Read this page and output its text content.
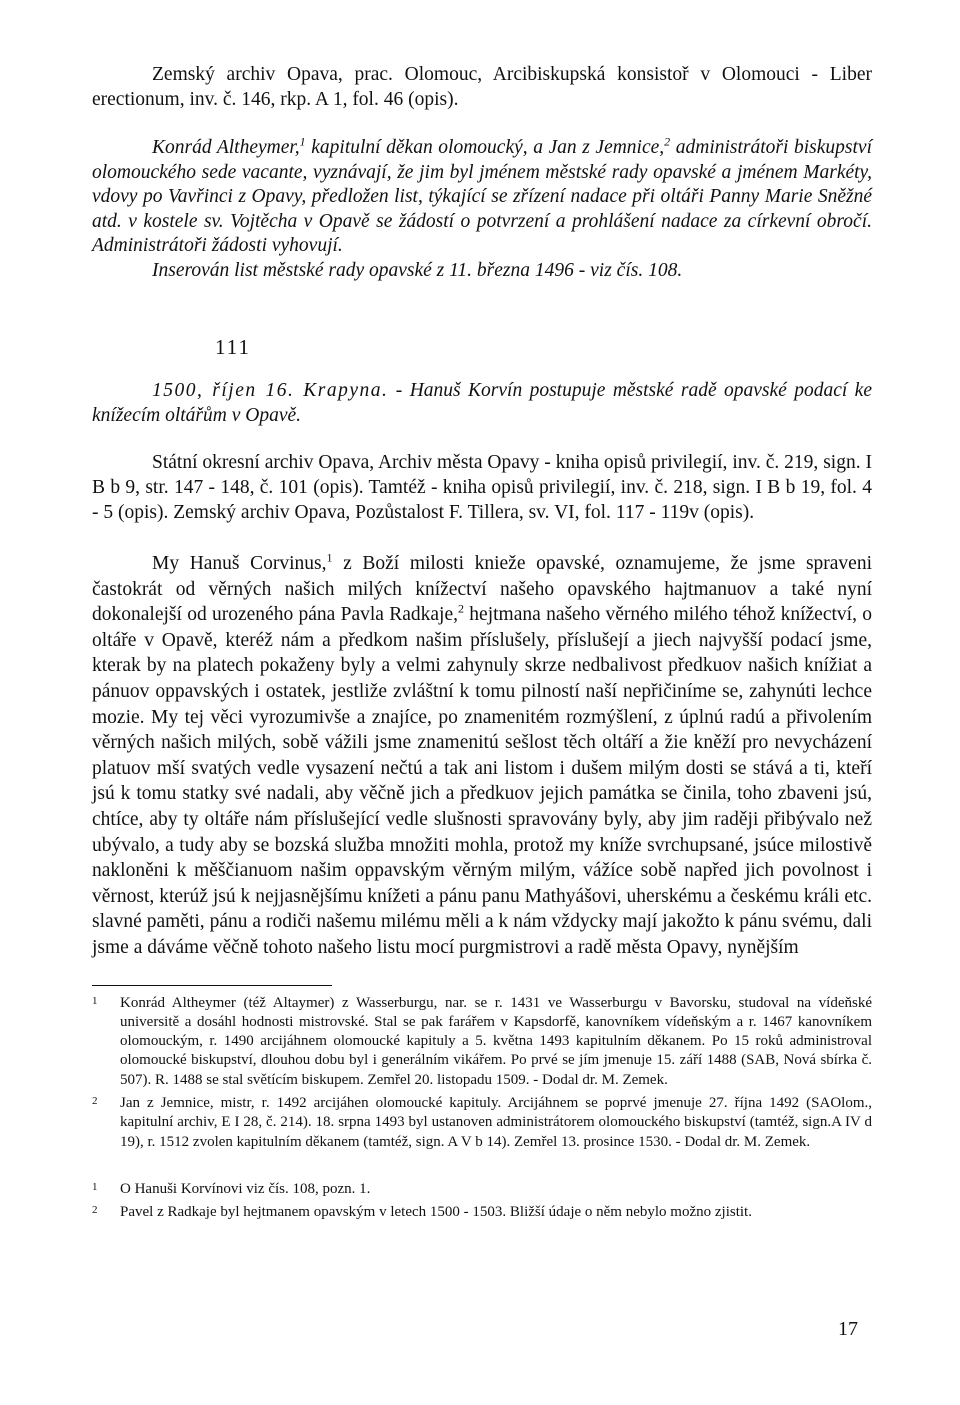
Zemský archiv Opava, prac. Olomouc, Arcibiskupská konsistoř v Olomouci - Liber erectionum, inv. č. 146, rkp. A 1, fol. 46 (opis).

Konrád Altheymer,$^1$ kapitulní děkan olomoucký, a Jan z Jemnice,$^2$ administrátoři biskupství olomouckého sede vacante, vyznávají, že jim byl jménem městské rady opavské a jménem Markéty, vdovy po Vavřinci z Opavy, předložen list, týkající se zřízení nadace při oltáři Panny Marie Sněžné atd. v kostele sv. Vojtěcha v Opavě se žádostí o potvrzení a prohlášení nadace za církevní obročí. Administrátoři žádosti vyhovují.

Inserován list městské rady opavské z 11. března 1496 - viz čís. 108.

111

1500, říjen 16. Krapyna. - Hanuš Korvín postupuje městské radě opavské podací ke knížecím oltářům v Opavě.

Státní okresní archiv Opava, Archiv města Opavy - kniha opisů privilegií, inv. č. 219, sign. I B b 9, str. 147 - 148, č. 101 (opis). Tamtéž - kniha opisů privilegií, inv. č. 218, sign. I B b 19, fol. 4 - 5 (opis). Zemský archiv Opava, Pozůstalost F. Tillera, sv. VI, fol. 117 - 119v (opis).

My Hanuš Corvinus,$^1$ z Boží milosti knieže opavské, oznamujeme, že jsme spraveni častokrát od věrných našich milých knížectví našeho opavského hajtmanuov a také nyní dokonalejší od urozeného pána Pavla Radkaje,$^2$ hejtmana našeho věrného milého téhož knížectví, o oltáře v Opavě, kteréž nám a předkom našim příslušely, příslušejí a jiech najvyšší podací jsme, kterak by na platech pokaženy byly a velmi zahynuly skrze nedbalivost předkuov našich knížiat a pánuov oppavských i ostatek, jestliže zvláštní k tomu pilností naší nepřičiníme se, zahynúti lechce mozie. My tej věci vyrozumivše a znajíce, po znamenitém rozmýšlení, z úplnú radú a přivolením věrných našich milých, sobě vážili jsme znamenitú sešlost těch oltáří a žie kněží pro nevycházení platuov mší svatých vedle vysazení nečtú a tak ani listom i dušem milým dosti se stává a ti, kteří jsú k tomu statky své nadali, aby věčně jich a předkuov jejich památka se činila, toho zbaveni jsú, chtíce, aby ty oltáře nám příslušející vedle slušnosti spravovány byly, aby jim raději přibývalo než ubývalo, a tudy aby se bozská služba množiti mohla, protož my kníže svrchupsané, jsúce milostivě nakloněni k měščianuom našim oppavským věrným milým, vážíce sobě napřed jich povolnost i věrnost, kterúž jsú k nejjasnějšímu knížeti a pánu panu Mathyášovi, uherskému a českému králi etc. slavné paměti, pánu a rodiči našemu milému měli a k nám vždycky mají jakožto k pánu svému, dali jsme a dáváme věčně tohoto našeho listu mocí purgmistrovi a radě města Opavy, nynějším

1	Konrád Altheymer (též Altaymer) z Wasserburgu, nar. se r. 1431 ve Wasserburgu v Bavorsku, studoval na vídeňské universitě a dosáhl hodnosti mistrovské. Stal se pak farářem v Kapsdorfě, kanovníkem vídeňským a r. 1467 kanovníkem olomouckým, r. 1490 arcijáhnem olomoucké kapituly a 5. května 1493 kapitulním děkanem. Po 15 roků administroval olomoucké biskupství, dlouhou dobu byl i generálním vikářem. Po prvé se jím jmenuje 15. září 1488 (SAB, Nová sbírka č. 507). R. 1488 se stal světícím biskupem. Zemřel 20. listopadu 1509. - Dodal dr. M. Zemek.
2	Jan z Jemnice, mistr, r. 1492 arcijáhen olomoucké kapituly. Arcijáhnem se poprvé jmenuje 27. října 1492 (SAOlom., kapitulní archiv, E I 28, č. 214). 18. srpna 1493 byl ustanoven administrátorem olomouckého biskupství (tamtéž, sign.A IV d 19), r. 1512 zvolen kapitulním děkanem (tamtéž, sign. A V b 14). Zemřel 13. prosince 1530. - Dodal dr. M. Zemek.
1	O Hanuši Korvínovi viz čís. 108, pozn. 1.
2	Pavel z Radkaje byl hejtmanem opavským v letech 1500 - 1503. Bližší údaje o něm nebylo možno zjistit.
17
